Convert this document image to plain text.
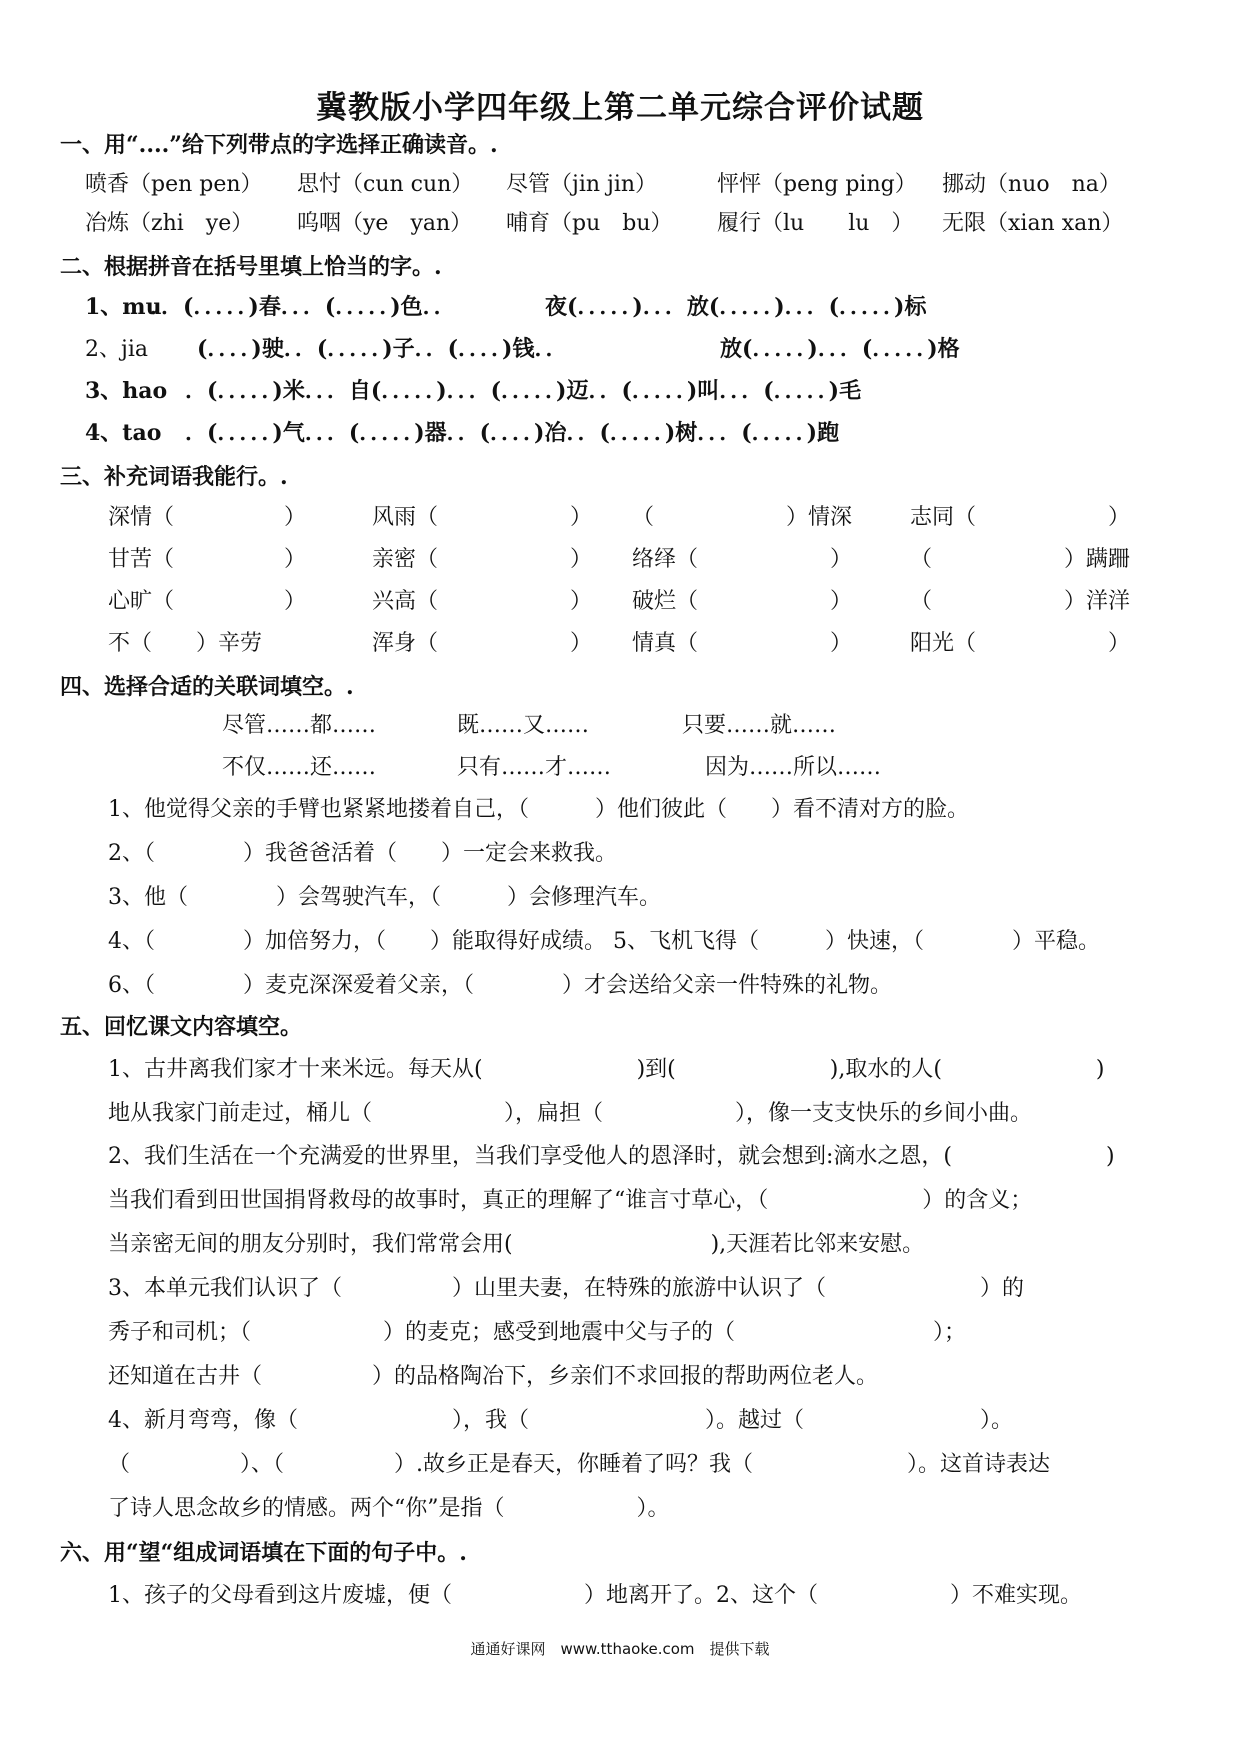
冀教版小学四年级上第二单元综合评价试题
一、用“....”给下列带点的字选择正确读音。.
喷香（pen pen） 思忖（cun cun） 尽管（jin jin）	怦怦（peng ping） 挪动（nuo　na）
冶炼（zhi　ye） 呜咽（ye　yan） 哺育（pu　bu） 履行（lu　　lu　） 无限（xian xan）
二、根据拼音在括号里填上恰当的字。.
1、mu
．．(．．．．．)春．．．(．．．．．)色．．	夜(．．．．．)．．．放(．．．．．)．．．(．．．．．)标
2、jia (．．．．)驶．．(．．．．．)子．．(．．．．)钱．．	放(．．．．．)．．．(．．．．．)格
3、hao ．(．．．．．)米．．．自(．．．．．)．．．(．．．．．)迈．．(．．．．．)叫．．．(．．．．．)毛
4、tao ．(．．．．．)气．．．(．．．．．)器．．(．．．．)冶．．(．．．．．)树．．．(．．．．．)跑
三、补充词语我能行。.
深情（　　　　　）	风雨（　　　　　　） （　　　　　　）情深	志同（　　　　　　）
甘苦（　　　　　）	亲密（　　　　　　） 络绎（　　　　　　）	（　　　　　　）蹒跚
心旷（　　　　　）	兴高（　　　　　　） 破烂（　　　　　　）	（　　　　　　）洋洋
不（　　）辛劳	浑身（　　　　　　） 情真（　　　　　　）	阳光（　　　　　　）
四、选择合适的关联词填空。.
尽管……都……	既……又……	只要……就……
不仅……还……	只有……才……	因为……所以……
1、他觉得父亲的手臂也紧紧地搂着自己，（　　　）他们彼此（　　）看不清对方的脸。
2、（　　　　）我爸爸活着（　　）一定会来救我。
3、他（　　　　）会驾驶汽车，（　　　）会修理汽车。
4、（　　　　）加倍努力，（　　）能取得好成绩。 5、飞机飞得（　　　）快速，（　　　　）平稳。
6、（　　　　）麦克深深爱着父亲，（　　　　）才会送给父亲一件特殊的礼物。
五、回忆课文内容填空。
1、古井离我们家才十来米远。每天从(　　　　　　　)到(　　　　　　　),取水的人(　　　　　　　)
地从我家门前走过，桶儿（　　　　　　），扁担（　　　　　　），像一支支快乐的乡间小曲。
2、我们生活在一个充满爱的世界里，当我们享受他人的恩泽时，就会想到:滴水之恩，(　　　　　　　)
当我们看到田世国捐肾救母的故事时，真正的理解了“谁言寸草心，（　　　　　　　）的含义；
当亲密无间的朋友分别时，我们常常会用(　　　　　　　　　),天涯若比邻来安慰。
3、本单元我们认识了（　　　　　）山里夫妻，在特殊的旅游中认识了（　　　　　　　）的
秀子和司机；（　　　　　　）的麦克；感受到地震中父与子的（　　　　　　　　　）；
还知道在古井（　　　　　）的品格陶冶下，乡亲们不求回报的帮助两位老人。
4、新月弯弯，像（　　　　　　　），我（　　　　　　　　）。越过（　　　　　　　　）。
（　　　　　）、（　　　　　）.故乡正是春天，你睡着了吗？我（　　　　　　　）。这首诗表达
了诗人思念故乡的情感。两个“你”是指（　　　　　　）。
六、用“望“组成词语填在下面的句子中。.
1、孩子的父母看到这片废墟，便（　　　　　　）地离开了。2、这个（　　　　　　）不难实现。
通通好课网　www.tthaoke.com　提供下载
